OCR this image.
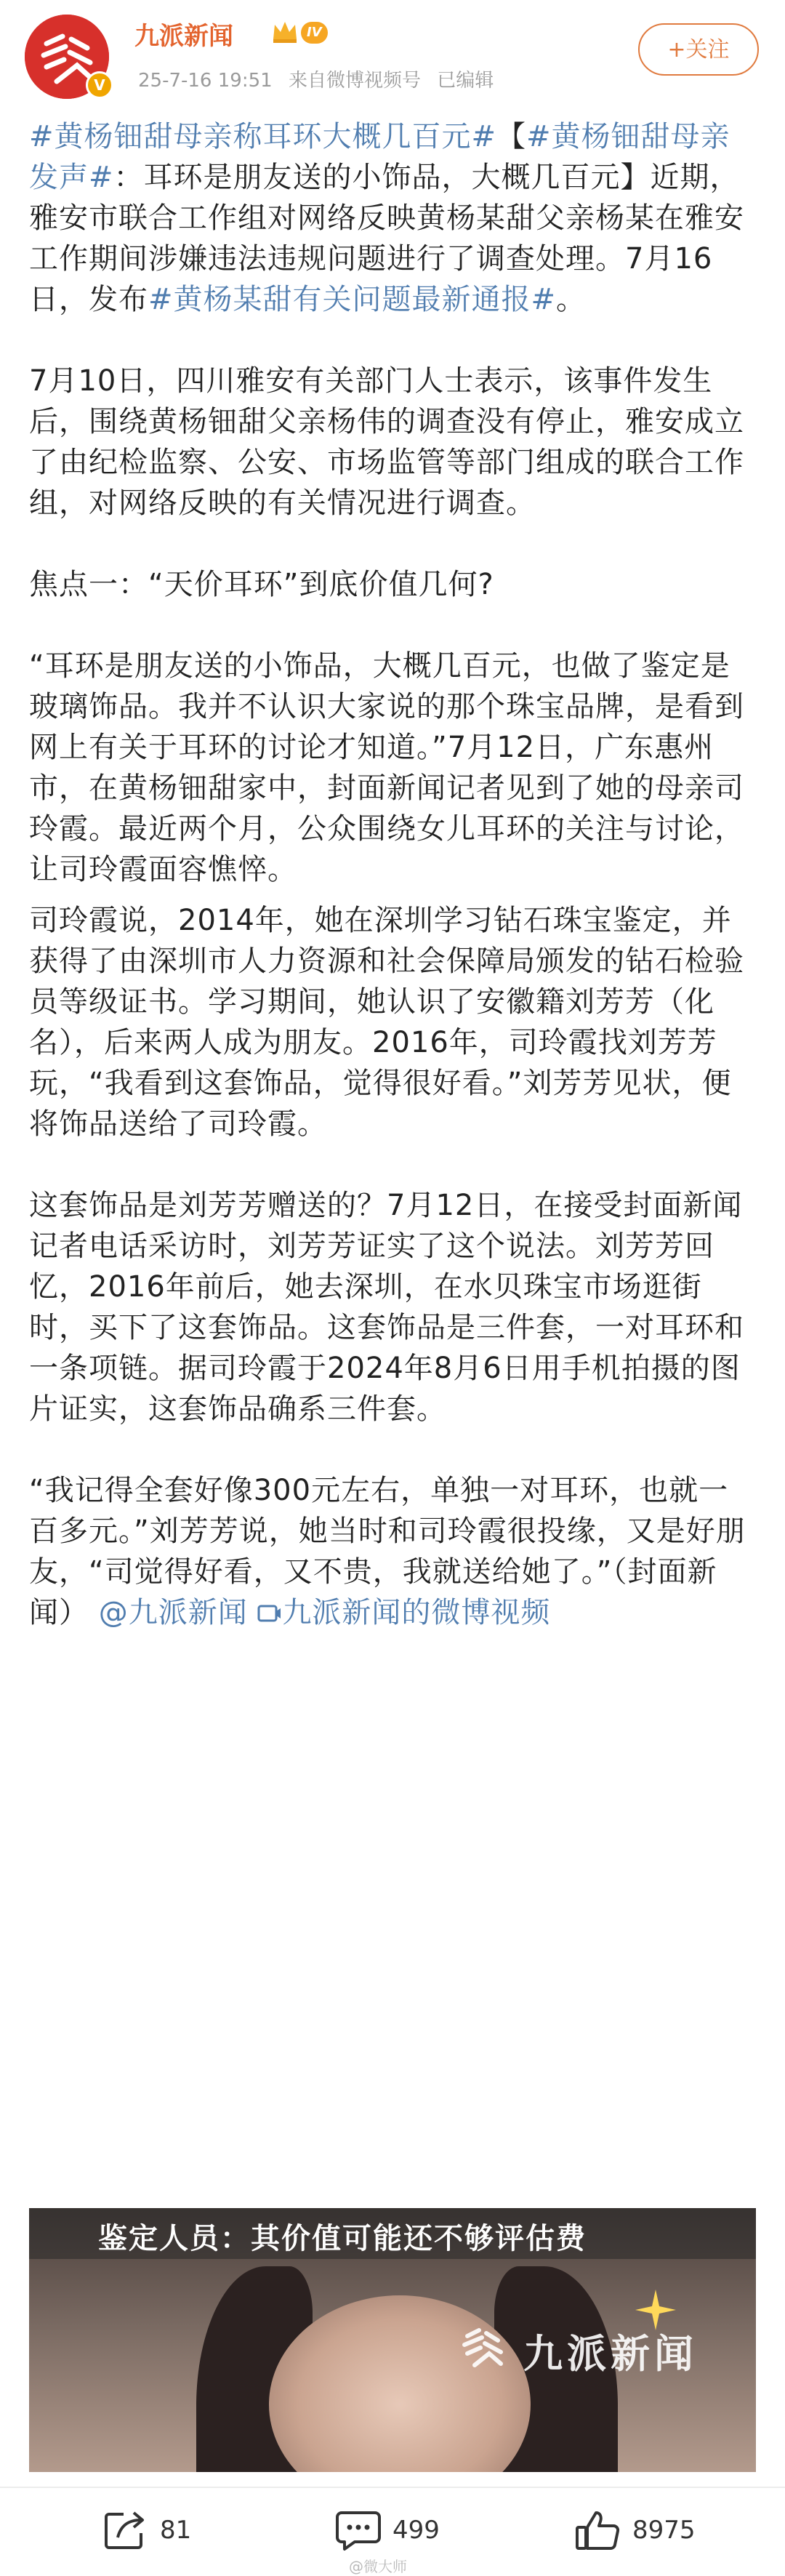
V
九派新闻	IV
25-7-16 19:51 来自微博视频号 已编辑
+关注

#黄杨钿甜母亲称耳环大概几百元#【#黄杨钿甜母亲发声#：耳环是朋友送的小饰品，大概几百元】近期，雅安市联合工作组对网络反映黄杨某甜父亲杨某在雅安工作期间涉嫌违法违规问题进行了调查处理。7月16日，发布#黄杨某甜有关问题最新通报#。

7月10日，四川雅安有关部门人士表示，该事件发生后，围绕黄杨钿甜父亲杨伟的调查没有停止，雅安成立了由纪检监察、公安、市场监管等部门组成的联合工作组，对网络反映的有关情况进行调查。

焦点一：“天价耳环”到底价值几何?

“耳环是朋友送的小饰品，大概几百元，也做了鉴定是玻璃饰品。我并不认识大家说的那个珠宝品牌，是看到网上有关于耳环的讨论才知道。”7月12日，广东惠州市，在黄杨钿甜家中，封面新闻记者见到了她的母亲司玲霞。最近两个月，公众围绕女儿耳环的关注与讨论，让司玲霞面容憔悴。

司玲霞说，2014年，她在深圳学习钻石珠宝鉴定，并获得了由深圳市人力资源和社会保障局颁发的钻石检验员等级证书。学习期间，她认识了安徽籍刘芳芳（化名），后来两人成为朋友。2016年，司玲霞找刘芳芳玩，“我看到这套饰品，觉得很好看。”刘芳芳见状，便将饰品送给了司玲霞。

这套饰品是刘芳芳赠送的？7月12日，在接受封面新闻记者电话采访时，刘芳芳证实了这个说法。刘芳芳回忆，2016年前后，她去深圳，在水贝珠宝市场逛街时，买下了这套饰品。这套饰品是三件套，一对耳环和一条项链。据司玲霞于2024年8月6日用手机拍摄的图片证实，这套饰品确系三件套。

“我记得全套好像300元左右，单独一对耳环，也就一百多元。”刘芳芳说，她当时和司玲霞很投缘，又是好朋友，“司觉得好看，又不贵，我就送给她了。”（封面新闻） @九派新闻 九派新闻的微博视频

鉴定人员：其价值可能还不够评估费
九派新闻
81	499	8975
@微大师
